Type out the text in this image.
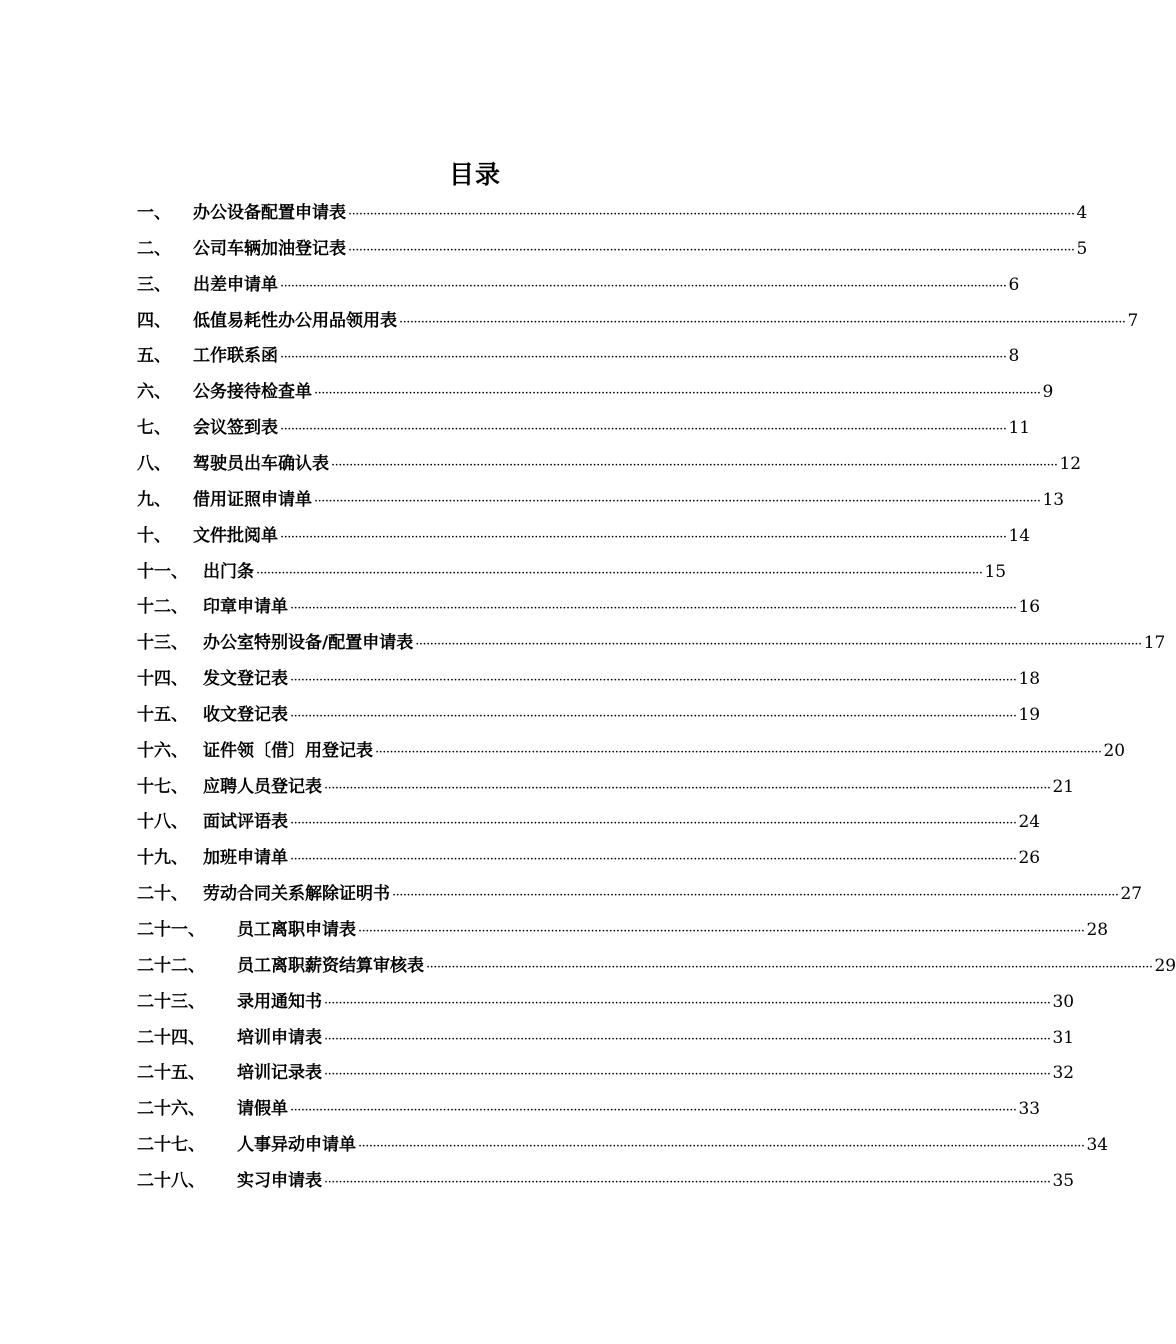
目录
一、 办公设备配置申请表 ········································································································································································································ 4
二、 公司车辆加油登记表 ········································································································································································································ 5
三、 出差申请单 ········································································································································································································ 6
四、 低值易耗性办公用品领用表 ········································································································································································································ 7
五、 工作联系函 ········································································································································································································ 8
六、 公务接待检查单 ········································································································································································································ 9
七、 会议签到表 ········································································································································································································ 11
八、 驾驶员出车确认表 ········································································································································································································ 12
九、 借用证照申请单 ········································································································································································································ 13
十、 文件批阅单 ········································································································································································································ 14
十一、 出门条 ········································································································································································································ 15
十二、 印章申请单 ········································································································································································································ 16
十三、 办公室特别设备/配置申请表 ········································································································································································································ 17
十四、 发文登记表 ········································································································································································································ 18
十五、 收文登记表 ········································································································································································································ 19
十六、 证件领〔借〕用登记表 ········································································································································································································ 20
十七、 应聘人员登记表 ········································································································································································································ 21
十八、 面试评语表 ········································································································································································································ 24
十九、 加班申请单 ········································································································································································································ 26
二十、 劳动合同关系解除证明书 ········································································································································································································ 27
二十一、 员工离职申请表 ········································································································································································································ 28
二十二、 员工离职薪资结算审核表 ········································································································································································································ 29
二十三、 录用通知书 ········································································································································································································ 30
二十四、 培训申请表 ········································································································································································································ 31
二十五、 培训记录表 ········································································································································································································ 32
二十六、 请假单 ········································································································································································································ 33
二十七、 人事异动申请单 ········································································································································································································ 34
二十八、 实习申请表 ········································································································································································································ 35
